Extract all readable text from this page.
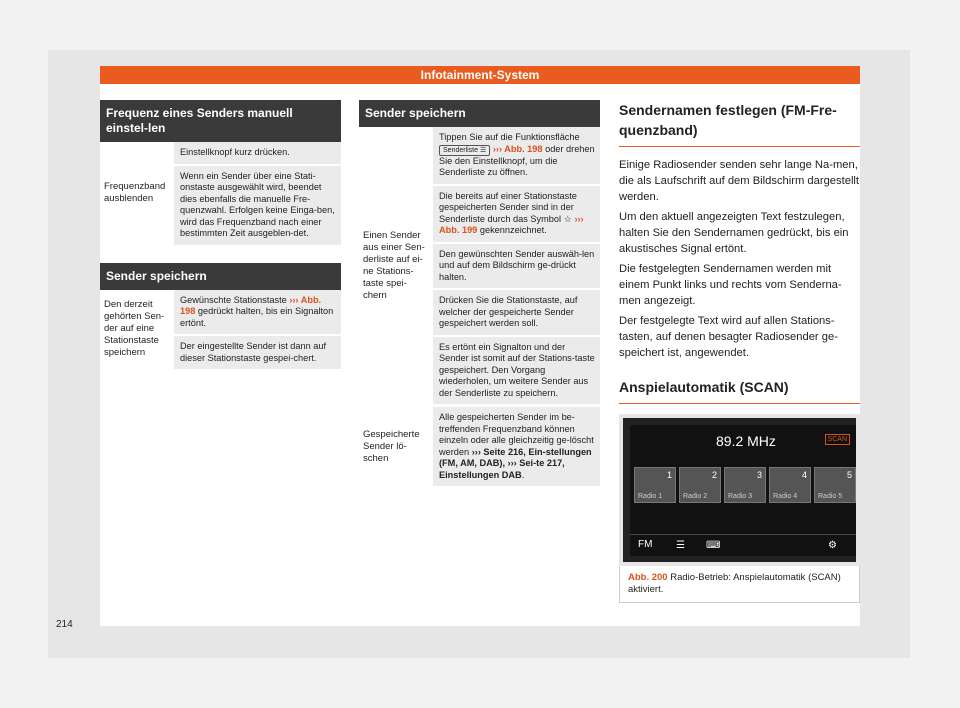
Infotainment-System
214
Frequenz eines Senders manuell einstel-len
Frequenzband ausblenden
Einstellknopf kurz drücken.
Wenn ein Sender über eine Stati-onstaste ausgewählt wird, beendet dies ebenfalls die manuelle Fre-quenzwahl. Erfolgen keine Einga-ben, wird das Frequenzband nach einer bestimmten Zeit ausgeblen-det.
Sender speichern
Den derzeit gehörten Sen-der auf eine Stationstaste speichern
Gewünschte Stationstaste ››› Abb. 198 gedrückt halten, bis ein Signalton ertönt.
Der eingestellte Sender ist dann auf dieser Stationstaste gespei-chert.
Sender speichern
Einen Sender aus einer Sen-derliste auf ei-ne Stations-taste spei-chern
Tippen Sie auf die Funktionsfläche Senderliste ☰ ››› Abb. 198 oder drehen Sie den Einstellknopf, um die Senderliste zu öffnen.
Die bereits auf einer Stationstaste gespeicherten Sender sind in der Senderliste durch das Symbol ☆ ››› Abb. 199 gekennzeichnet.
Den gewünschten Sender auswäh-len und auf dem Bildschirm ge-drückt halten.
Drücken Sie die Stationstaste, auf welcher der gespeicherte Sender gespeichert werden soll.
Es ertönt ein Signalton und der Sender ist somit auf der Stations-taste gespeichert. Den Vorgang wiederholen, um weitere Sender aus der Senderliste zu speichern.
Gespeicherte Sender lö-schen
Alle gespeicherten Sender im be-treffenden Frequenzband können einzeln oder alle gleichzeitig ge-löscht werden ››› Seite 216, Ein-stellungen (FM, AM, DAB), ››› Sei-te 217, Einstellungen DAB.
Sendernamen festlegen (FM-Fre-quenzband)

Einige Radiosender senden sehr lange Na-men, die als Laufschrift auf dem Bildschirm dargestellt werden.

Um den aktuell angezeigten Text festzulegen, halten Sie den Sendernamen gedrückt, bis ein akustisches Signal ertönt.

Die festgelegten Sendernamen werden mit einem Punkt links und rechts vom Senderna-men angezeigt.

Der festgelegte Text wird auf allen Stations-tasten, auf denen besagter Radiosender ge-speichert ist, angewendet.

Anspielautomatik (SCAN)
89.2 MHz	SCAN
1
Radio 1
2
Radio 2
3
Radio 3
4
Radio 4
5
Radio 5
FM ☰ ⌨	⚙
Abb. 200 Radio-Betrieb: Anspielautomatik (SCAN) aktiviert.
